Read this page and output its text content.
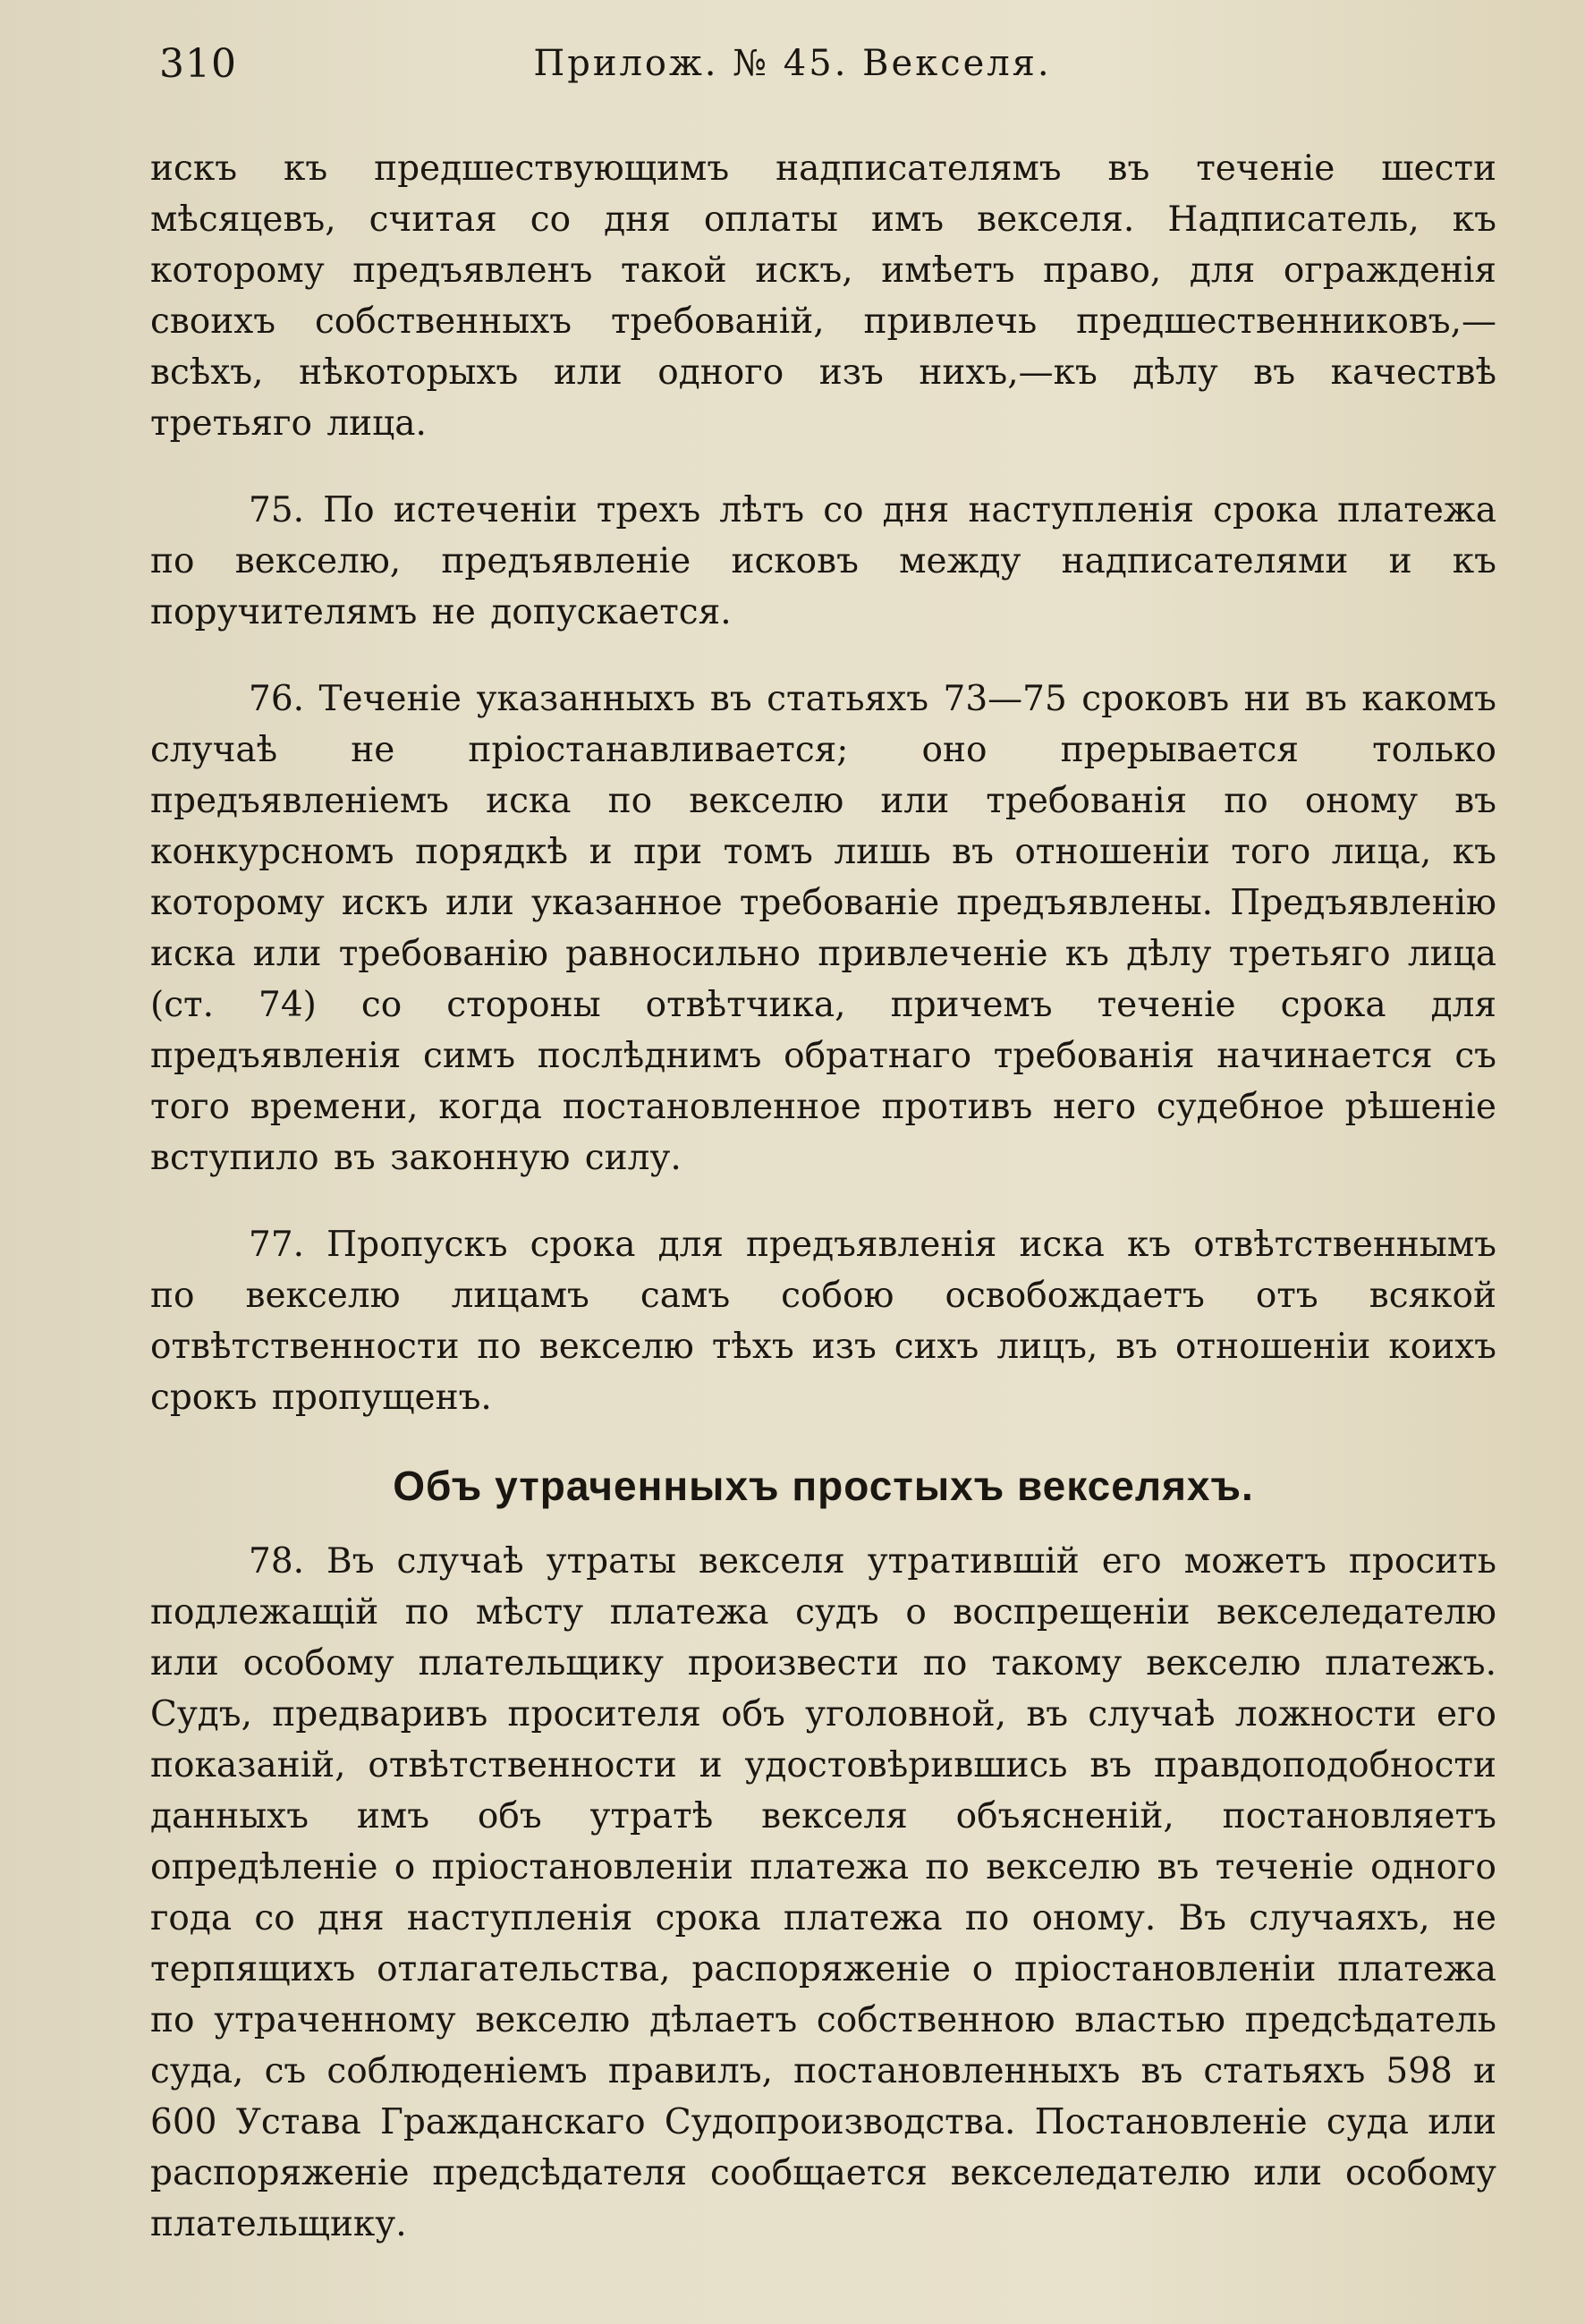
310	Прилож. № 45. Векселя.

искъ къ предшествующимъ надписателямъ въ теченіе шести мѣсяцевъ, считая со дня оплаты имъ векселя. Надписатель, къ которому предъявленъ такой искъ, имѣетъ право, для огражденія своихъ собственныхъ требованій, привлечь предшественниковъ,—всѣхъ, нѣкоторыхъ или одного изъ нихъ,—къ дѣлу въ качествѣ третьяго лица.

75. По истеченіи трехъ лѣтъ со дня наступленія срока платежа по векселю, предъявленіе исковъ между надписателями и къ поручителямъ не допускается.

76. Теченіе указанныхъ въ статьяхъ 73—75 сроковъ ни въ какомъ случаѣ не пріостанавливается; оно прерывается только предъявленіемъ иска по векселю или требованія по оному въ конкурсномъ порядкѣ и при томъ лишь въ отношеніи того лица, къ которому искъ или указанное требованіе предъявлены. Предъявленію иска или требованію равносильно привлеченіе къ дѣлу третьяго лица (ст. 74) со стороны отвѣтчика, причемъ теченіе срока для предъявленія симъ послѣднимъ обратнаго требованія начинается съ того времени, когда постановленное противъ него судебное рѣшеніе вступило въ законную силу.

77. Пропускъ срока для предъявленія иска къ отвѣтственнымъ по векселю лицамъ самъ собою освобождаетъ отъ всякой отвѣтственности по векселю тѣхъ изъ сихъ лицъ, въ отношеніи коихъ срокъ пропущенъ.

Объ утраченныхъ простыхъ векселяхъ.

78. Въ случаѣ утраты векселя утратившій его можетъ просить подлежащій по мѣсту платежа судъ о воспрещеніи векселедателю или особому плательщику произвести по такому векселю платежъ. Судъ, предваривъ просителя объ уголовной, въ случаѣ ложности его показаній, отвѣтственности и удостовѣрившись въ правдоподобности данныхъ имъ объ утратѣ векселя объясненій, постановляетъ опредѣленіе о пріостановленіи платежа по векселю въ теченіе одного года со дня наступленія срока платежа по оному. Въ случаяхъ, не терпящихъ отлагательства, распоряженіе о пріостановленіи платежа по утраченному векселю дѣлаетъ собственною властью предсѣдатель суда, съ соблюденіемъ правилъ, постановленныхъ въ статьяхъ 598 и 600 Устава Гражданскаго Судопроизводства. Постановленіе суда или распоряженіе предсѣдателя сообщается векселедателю или особому плательщику.
